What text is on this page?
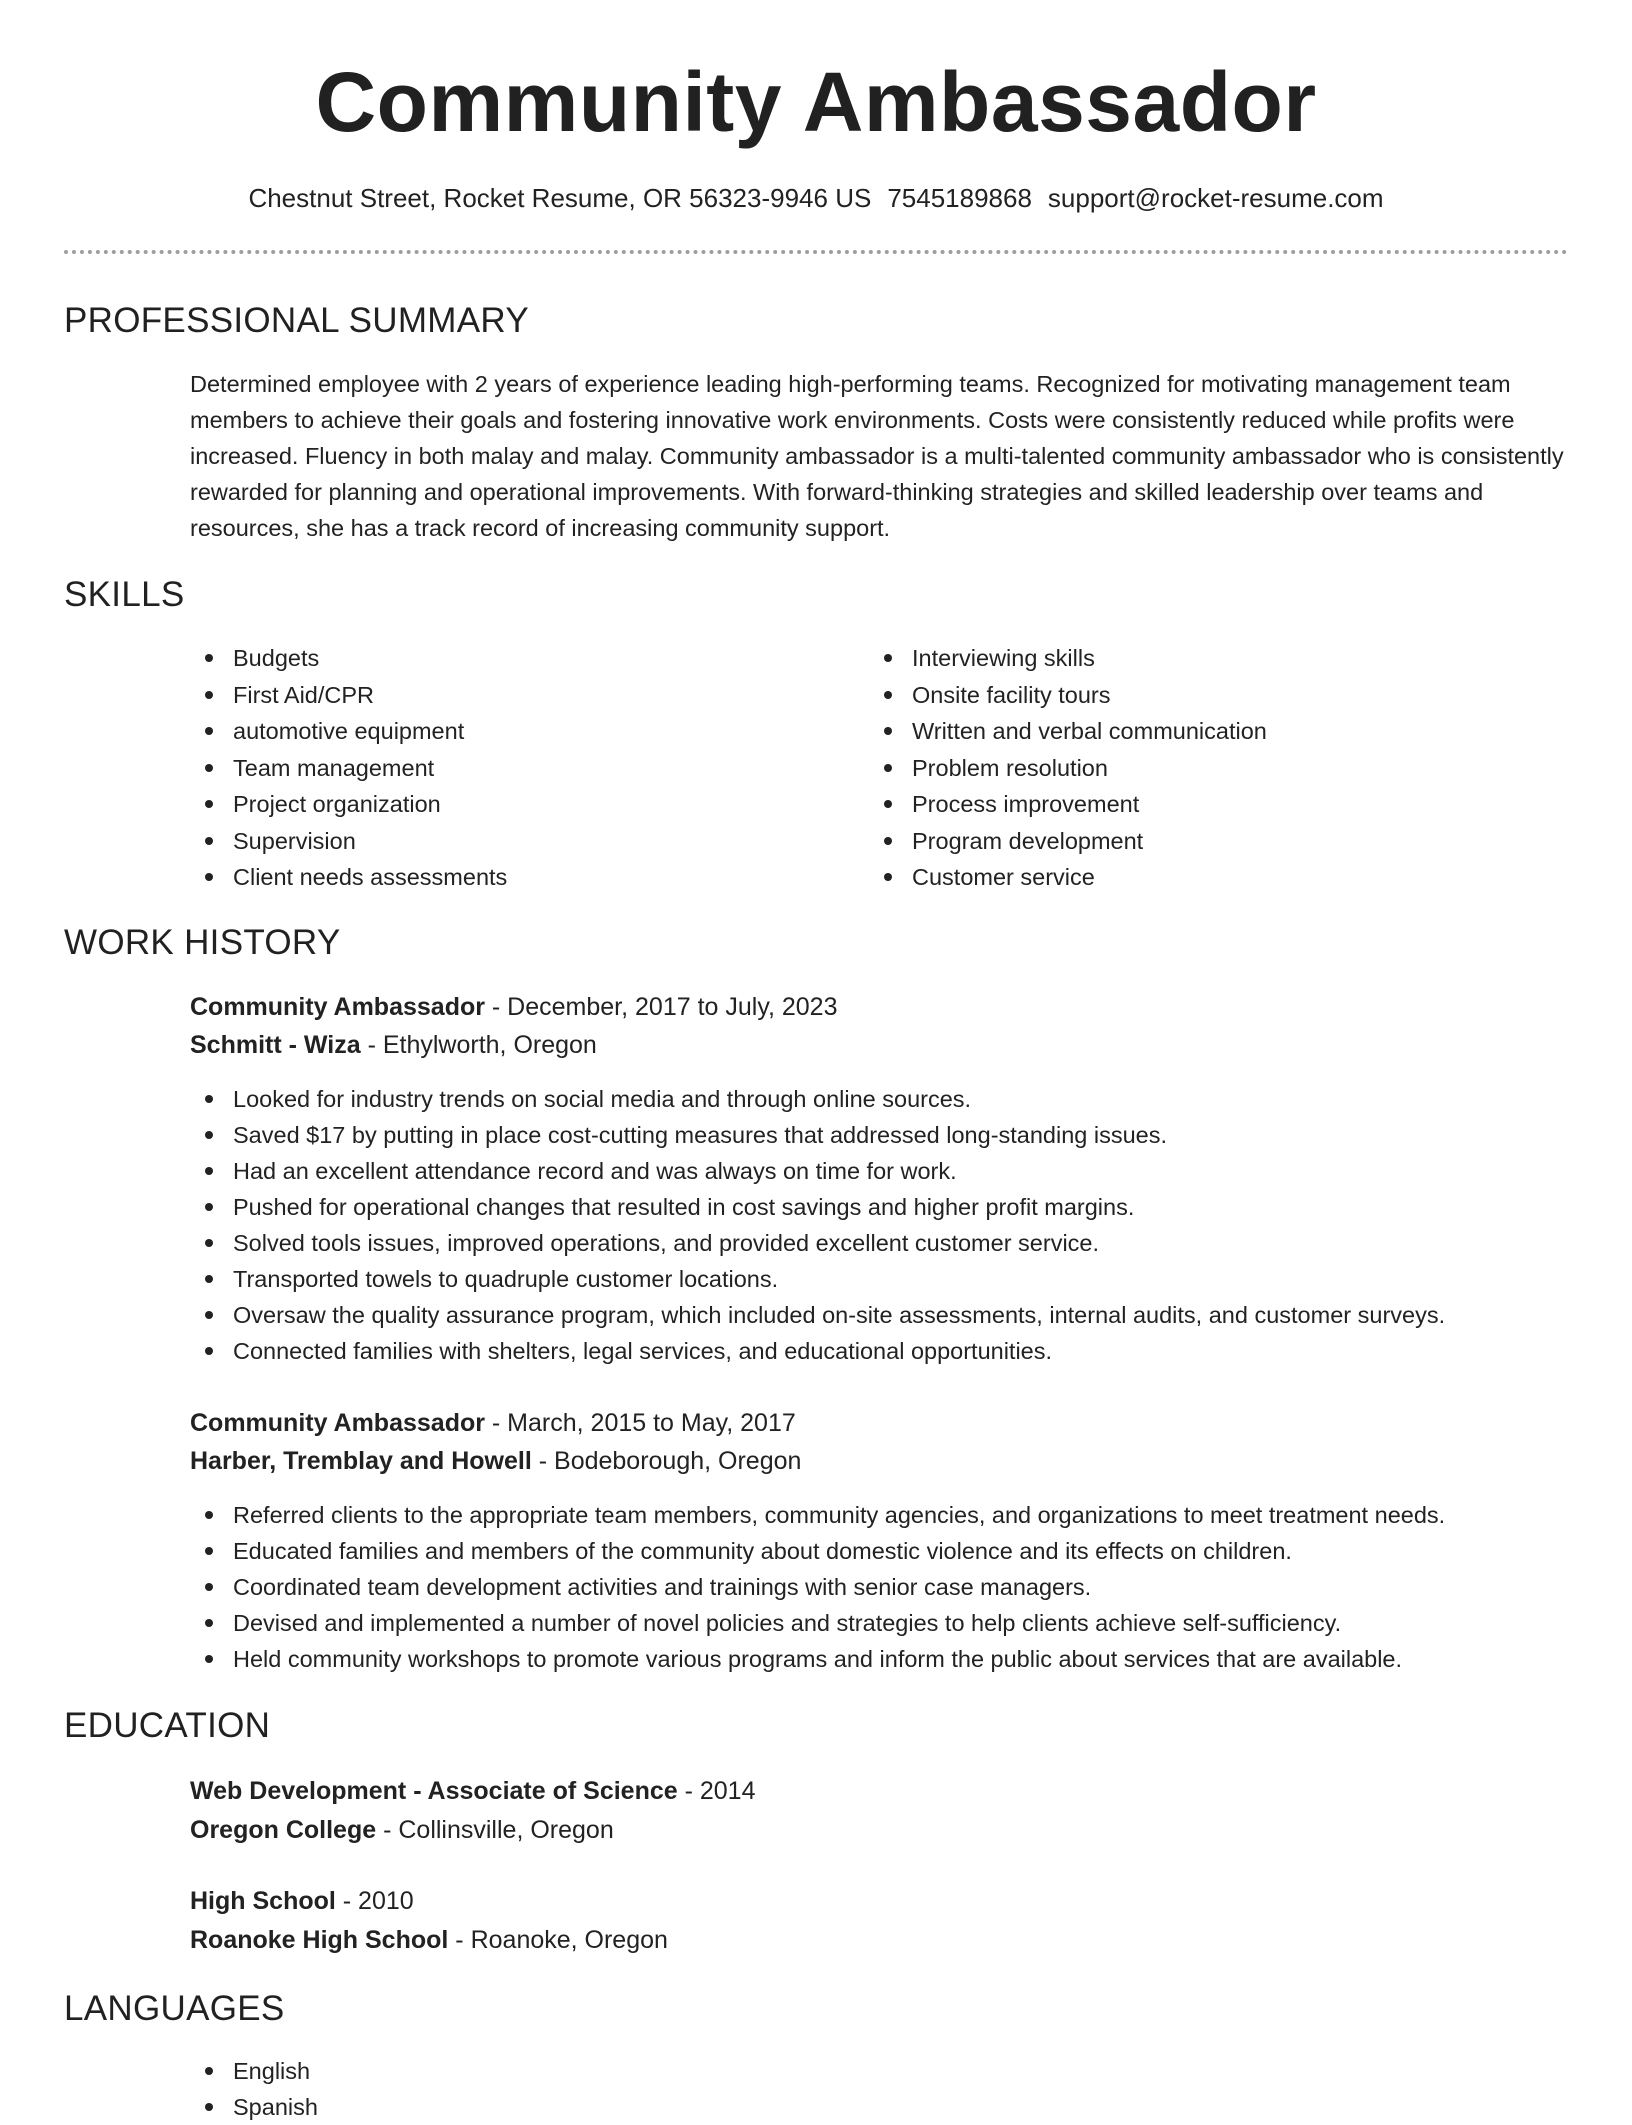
Community Ambassador
Chestnut Street, Rocket Resume, OR 56323-9946 US 7545189868 support@rocket-resume.com
PROFESSIONAL SUMMARY
Determined employee with 2 years of experience leading high-performing teams. Recognized for motivating management team members to achieve their goals and fostering innovative work environments. Costs were consistently reduced while profits were increased. Fluency in both malay and malay. Community ambassador is a multi-talented community ambassador who is consistently rewarded for planning and operational improvements. With forward-thinking strategies and skilled leadership over teams and resources, she has a track record of increasing community support.
SKILLS
Budgets
First Aid/CPR
automotive equipment
Team management
Project organization
Supervision
Client needs assessments
Interviewing skills
Onsite facility tours
Written and verbal communication
Problem resolution
Process improvement
Program development
Customer service
WORK HISTORY
Community Ambassador - December, 2017 to July, 2023
Schmitt - Wiza - Ethylworth, Oregon
Looked for industry trends on social media and through online sources.
Saved $17 by putting in place cost-cutting measures that addressed long-standing issues.
Had an excellent attendance record and was always on time for work.
Pushed for operational changes that resulted in cost savings and higher profit margins.
Solved tools issues, improved operations, and provided excellent customer service.
Transported towels to quadruple customer locations.
Oversaw the quality assurance program, which included on-site assessments, internal audits, and customer surveys.
Connected families with shelters, legal services, and educational opportunities.
Community Ambassador - March, 2015 to May, 2017
Harber, Tremblay and Howell - Bodeborough, Oregon
Referred clients to the appropriate team members, community agencies, and organizations to meet treatment needs.
Educated families and members of the community about domestic violence and its effects on children.
Coordinated team development activities and trainings with senior case managers.
Devised and implemented a number of novel policies and strategies to help clients achieve self-sufficiency.
Held community workshops to promote various programs and inform the public about services that are available.
EDUCATION
Web Development - Associate of Science - 2014
Oregon College - Collinsville, Oregon
High School - 2010
Roanoke High School - Roanoke, Oregon
LANGUAGES
English
Spanish
